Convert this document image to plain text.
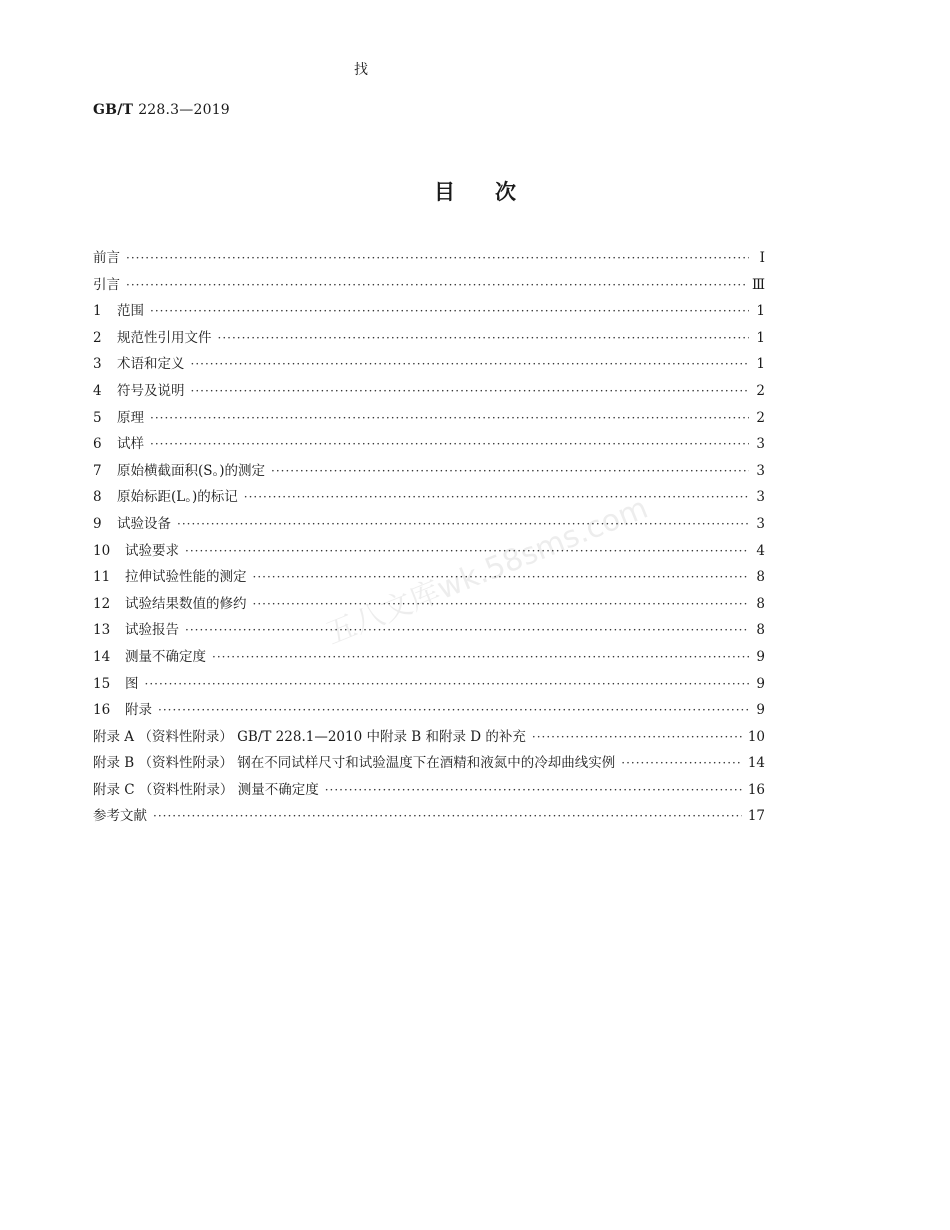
找
GB/T 228.3—2019
目次
前言 ·····	Ⅰ
引言 ·····	Ⅲ
1	范围 ·····	1
2	规范性引用文件 ·····	1
3	术语和定义 ·····	1
4	符号及说明 ·····	2
5	原理 ·····	2
6	试样 ·····	3
7	原始横截面积(S。)的测定 ·····	3
8	原始标距(L。)的标记 ·····	3
9	试验设备 ·····	3
10	试验要求 ·····	4
11	拉伸试验性能的测定 ·····	8
12	试验结果数值的修约 ·····	8
13	试验报告 ·····	8
14	测量不确定度 ·····	9
15	图 ·····	9
16	附录 ·····	9
附录 A （资料性附录） GB/T 228.1—2010 中附录 B 和附录 D 的补充 ·····	10
附录 B （资料性附录） 钢在不同试样尺寸和试验温度下在酒精和液氮中的冷却曲线实例 ·····	14
附录 C （资料性附录） 测量不确定度 ·····	16
参考文献 ·····	17
五八文库wk.58sms.com
